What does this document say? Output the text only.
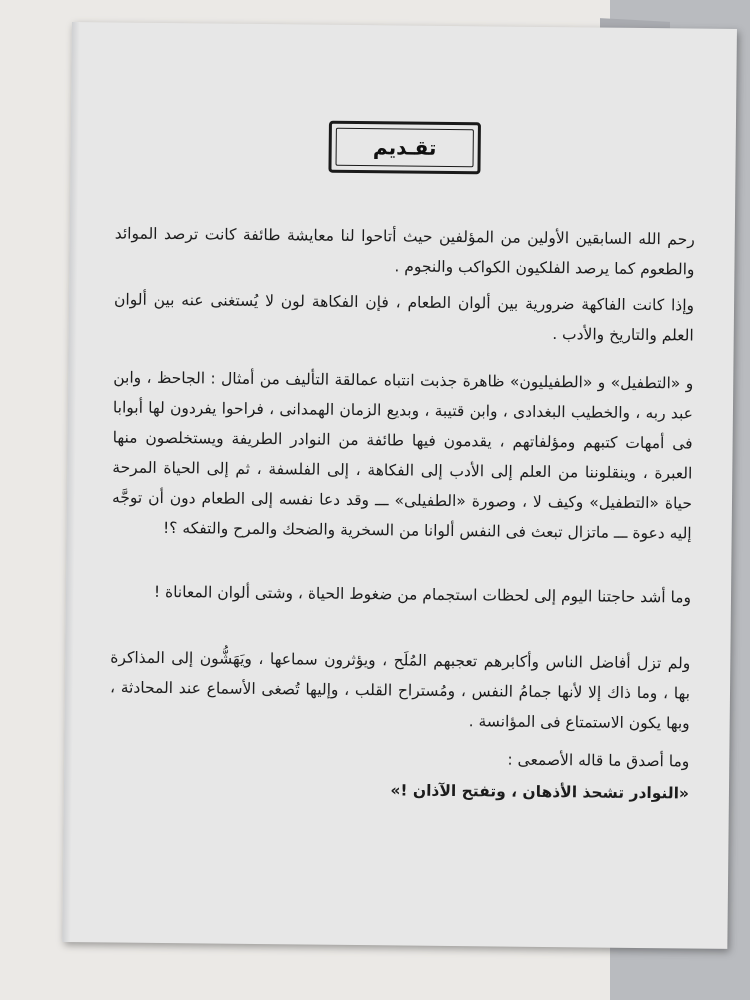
تقـديم

رحم الله السابقين الأولين من المؤلفين حيث أتاحوا لنا معايشة طائفة كانت ترصد الموائد والطعوم كما يرصد الفلكيون الكواكب والنجوم .

وإذا كانت الفاكهة ضرورية بين ألوان الطعام ، فإن الفكاهة لون لا يُستغنى عنه بين ألوان العلم والتاريخ والأدب .

و «التطفيل» و «الطفيليون» ظاهرة جذبت انتباه عمالقة التأليف من أمثال : الجاحظ ، وابن عبد ربه ، والخطيب البغدادى ، وابن قتيبة ، وبديع الزمان الهمدانى ، فراحوا يفردون لها أبوابا فى أمهات كتبهم ومؤلفاتهم ، يقدمون فيها طائفة من النوادر الطريفة ويستخلصون منها العبرة ، وينقلوننا من العلم إلى الأدب إلى الفكاهة ، إلى الفلسفة ، ثم إلى الحياة المرحة حياة «التطفيل» وكيف لا ، وصورة «الطفيلى» ـــ وقد دعا نفسه إلى الطعام دون أن توجَّه إليه دعوة ـــ ماتزال تبعث فى النفس ألوانا من السخرية والضحك والمرح والتفكه ؟!

وما أشد حاجتنا اليوم إلى لحظات استجمام من ضغوط الحياة ، وشتى ألوان المعاناة !

ولم تزل أفاضل الناس وأكابرهم تعجبهم المُلَح ، ويؤثرون سماعها ، ويَهَشُّون إلى المذاكرة بها ، وما ذاك إلا لأنها جمامُ النفس ، ومُستراح القلب ، وإليها تُصغى الأسماع عند المحادثة ، وبها يكون الاستمتاع فى المؤانسة .

وما أصدق ما قاله الأصمعى :

«النوادر تشحذ الأذهان ، وتفتح الآذان !»
